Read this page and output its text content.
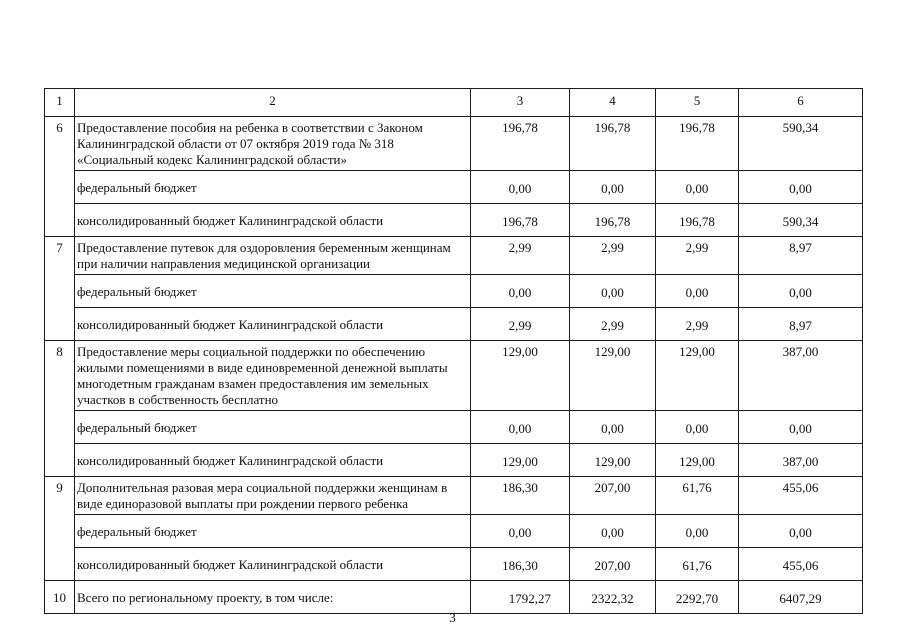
1	2	3	4	5	6
6	Предоставление пособия на ребенка в соответствии с Законом Калининградской области от 07 октября 2019 года № 318 «Социальный кодекс Калининградской области»	196,78	196,78	196,78	590,34
	федеральный бюджет	0,00	0,00	0,00	0,00
	консолидированный бюджет Калининградской области	196,78	196,78	196,78	590,34
7	Предоставление путевок для оздоровления беременным женщинам при наличии направления медицинской организации	2,99	2,99	2,99	8,97
	федеральный бюджет	0,00	0,00	0,00	0,00
	консолидированный бюджет Калининградской области	2,99	2,99	2,99	8,97
8	Предоставление меры социальной поддержки по обеспечению жилыми помещениями в виде единовременной денежной выплаты многодетным гражданам взамен предоставления им земельных участков в собственность бесплатно	129,00	129,00	129,00	387,00
	федеральный бюджет	0,00	0,00	0,00	0,00
	консолидированный бюджет Калининградской области	129,00	129,00	129,00	387,00
9	Дополнительная разовая мера социальной поддержки женщинам в виде единоразовой выплаты при рождении первого ребенка	186,30	207,00	61,76	455,06
	федеральный бюджет	0,00	0,00	0,00	0,00
	консолидированный бюджет Калининградской области	186,30	207,00	61,76	455,06
10	Всего по региональному проекту, в том числе:	1792,27	2322,32	2292,70	6407,29
3
